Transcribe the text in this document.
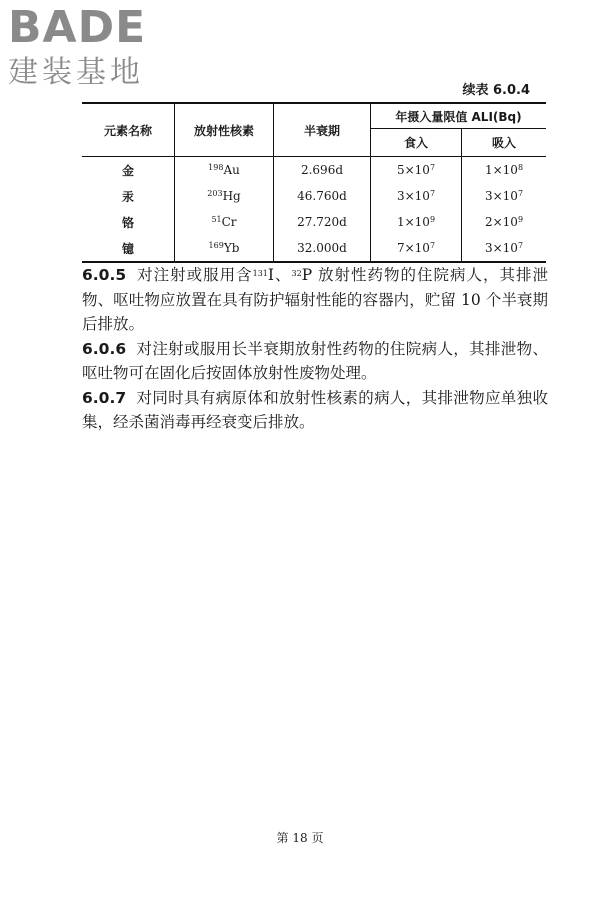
BADE
建装基地
续表 6.0.4
元素名称	放射性核素	半衰期	年摄入量限值 ALI(Bq)	
			食入	吸入
金	$^{198}$Au	2.696d	$5\times 10^7$	$1\times 10^8$
汞	$^{203}$Hg	46.760d	$3\times 10^7$	$3\times 10^7$
铬	$^{51}$Cr	27.720d	$1\times 10^9$	$2\times 10^9$
镱	$^{169}$Yb	32.000d	$7\times 10^7$	$3\times 10^7$

6.0.5 对注射或服用含$^{131}$I、$^{32}$P 放射性药物的住院病人，其排泄物、呕吐物应放置在具有防护辐射性能的容器内，贮留 10 个半衰期后排放。

6.0.6 对注射或服用长半衰期放射性药物的住院病人，其排泄物、呕吐物可在固化后按固体放射性废物处理。

6.0.7 对同时具有病原体和放射性核素的病人，其排泄物应单独收集，经杀菌消毒再经衰变后排放。

第 18 页
